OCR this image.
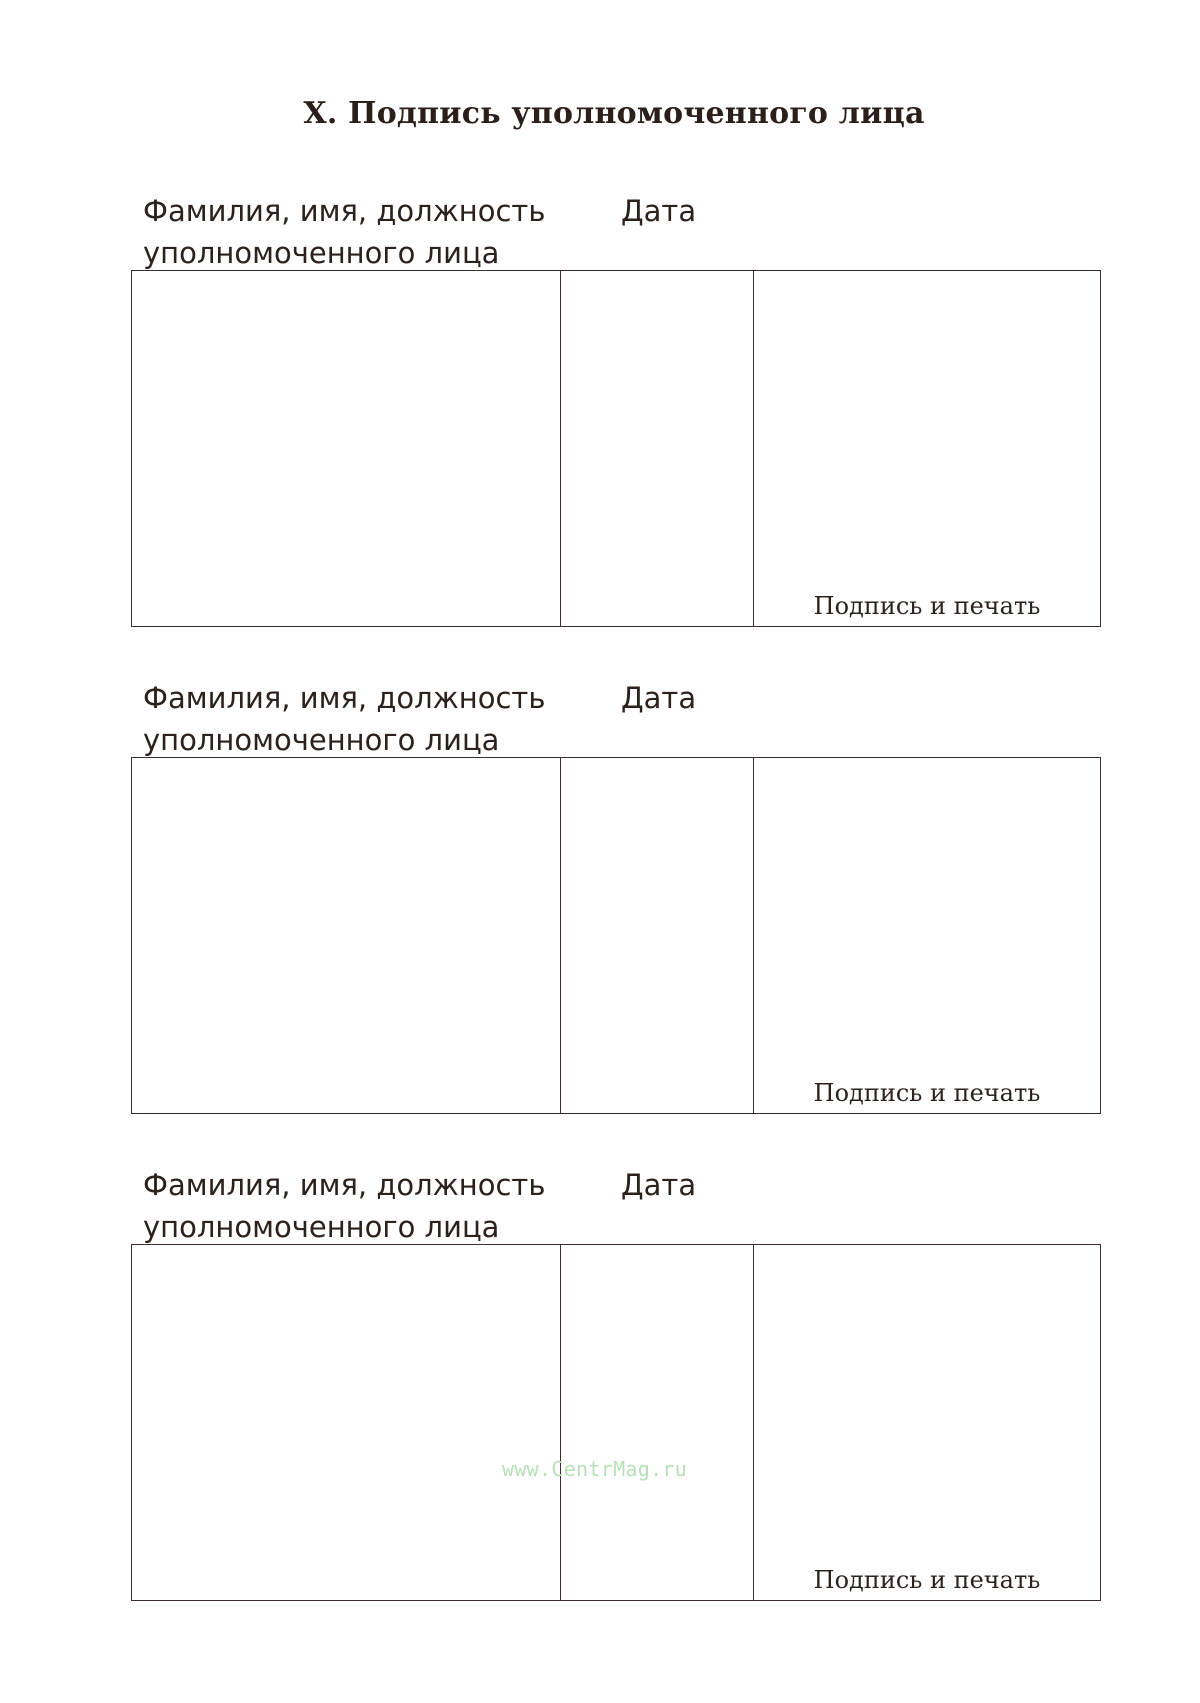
X. Подпись уполномоченного лица
Фамилия, имя, должность
уполномоченного лица
Дата
Подпись и печать
Фамилия, имя, должность
уполномоченного лица
Дата
Подпись и печать
Фамилия, имя, должность
уполномоченного лица
Дата
Подпись и печать
www.CentrMag.ru
